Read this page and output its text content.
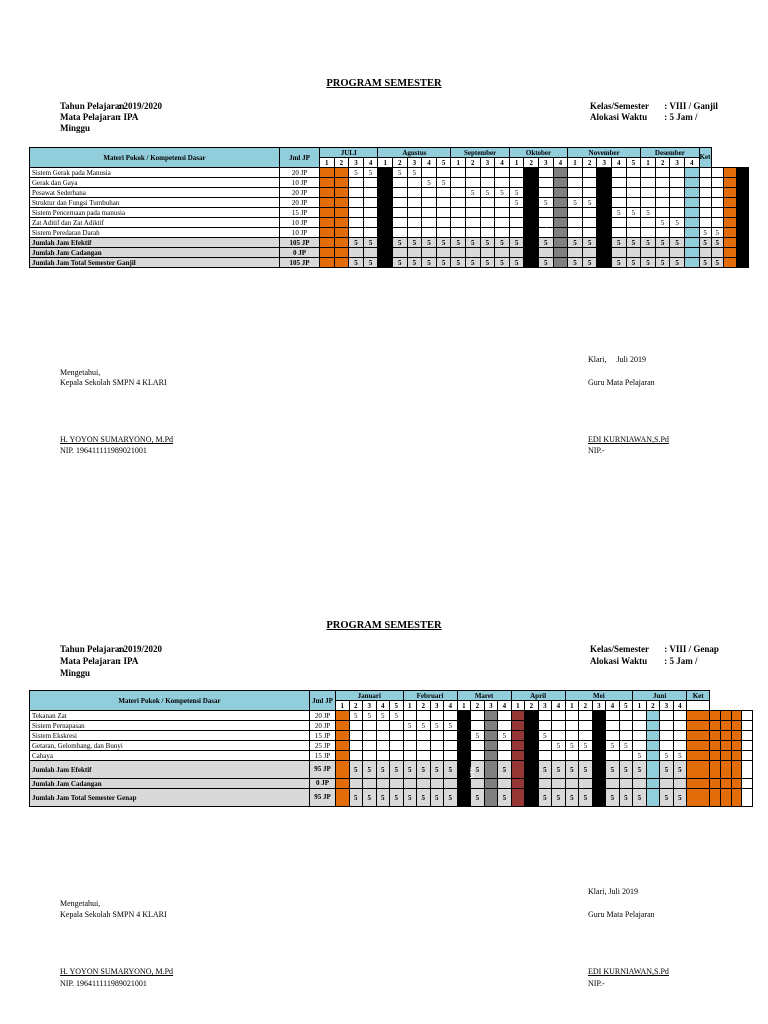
PROGRAM SEMESTER
Tahun Pelajaran : 2019/2020
Mata Pelajaran : IPA
Minggu
Kelas/Semester : VIII / Ganjil
Alokasi Waktu : 5 Jam /
Materi Pokok / Kompetensi Dasar	Jml JP	JULI				Agustus					September				Oktober				November					Desember				Ket			
		1	2	3	4	1	2	3	4	5	1	2	3	4	1	2	3	4	1	2	3	4	5	1	2	3	4				
Sistem Gerak pada Manusia	20 JP			5	5		5	5																							
Gerak dan Gaya	10 JP								5	5																					
Pesawat Sederhana	20 JP											5	5	5	5																
Struktur dan Fungsi Tumbuhan	20 JP														5		5		5	5											
Sistem Pencernaan pada manusia	15 JP																					5	5	5							
Zat Aditif dan Zat Adiktif	10 JP																								5	5					
Sistem Peredaran Darah	10 JP																											5	5		
Jumlah Jam Efektif	105 JP			5	5		5	5	5	5	5	5	5	5	5		5		5	5		5	5	5	5	5		5	5		
Jumlah Jam Cadangan	0 JP																														
Jumlah Jam Total Semester Ganjil	105 JP			5	5		5	5	5	5	5	5	5	5	5		5		5	5		5	5	5	5	5		5	5		
UTS
Mengetahui,
Kepala Sekolah SMPN 4 KLARI
H. YOYON SUMARYONO, M.Pd
NIP. 196411111989021001
Klari,     Juli 2019
Guru Mata Pelajaran
EDI KURNIAWAN,S.Pd
NIP.-
PROGRAM SEMESTER
Tahun Pelajaran : 2019/2020
Mata Pelajaran : IPA
Minggu
Kelas/Semester : VIII / Genap
Alokasi Waktu : 5 Jam /
Materi Pokok / Kompetensi Dasar	Jml JP	Januari					Februari				Maret				April				Mei					Juni				Ket				
		1	2	3	4	5	1	2	3	4	1	2	3	4	1	2	3	4	1	2	3	4	5	1	2	3	4					
Tekanan Zat	20 JP		5	5	5	5																										
Sistem Pernapasan	20 JP						5	5	5	5																						
Sistem Ekskresi	15 JP											5		5			5															
Getaran, Gelombang, dan Bunyi	25 JP																	5	5	5		5	5									
Cahaya	15 JP																							5		5	5					
Jumlah Jam Efektif	95 JP		5	5	5	5	5	5	5	5		5		5			5	5	5	5		5	5	5		5	5					
Jumlah Jam Cadangan	0 JP																															
Jumlah Jam Total Semester Genap	95 JP		5	5	5	5	5	5	5	5		5		5			5	5	5	5		5	5	5		5	5					
UTS
Mengetahui,
Kepala Sekolah SMPN 4 KLARI
H. YOYON SUMARYONO, M.Pd
NIP. 196411111989021001
Klari, Juli 2019
Guru Mata Pelajaran
EDI KURNIAWAN,S.Pd
NIP.-
